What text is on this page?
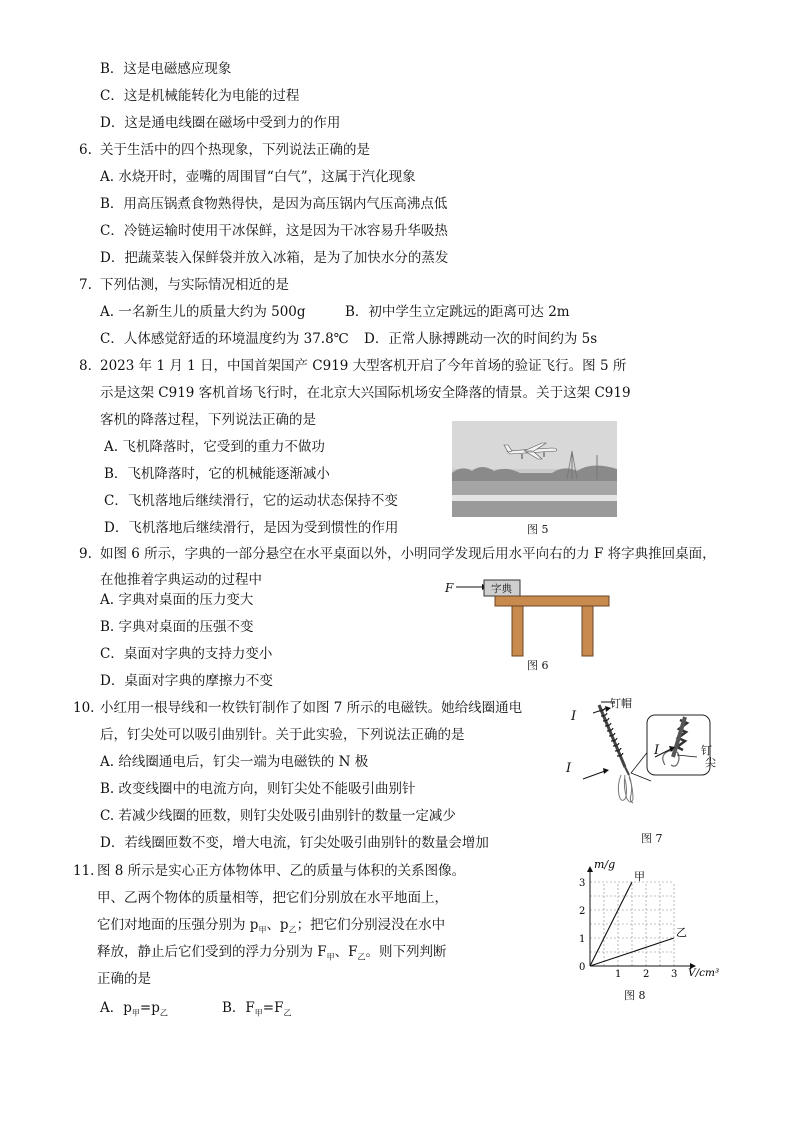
B．这是电磁感应现象
C．这是机械能转化为电能的过程
D．这是通电线圈在磁场中受到力的作用
6. 关于生活中的四个热现象，下列说法正确的是
A. 水烧开时，壶嘴的周围冒“白气”，这属于汽化现象
B．用高压锅煮食物熟得快，是因为高压锅内气压高沸点低
C．冷链运输时使用干冰保鲜，这是因为干冰容易升华吸热
D．把蔬菜装入保鲜袋并放入冰箱，是为了加快水分的蒸发
7. 下列估测，与实际情况相近的是
A. 一名新生儿的质量大约为 500g	B．初中学生立定跳远的距离可达 2m
C．人体感觉舒适的环境温度约为 37.8℃ D．正常人脉搏跳动一次的时间约为 5s
8．
2023 年 1 月 1 日，中国首架国产 C919 大型客机开启了今年首场的验证飞行。图 5 所
示是这架 C919 客机首场飞行时，在北京大兴国际机场安全降落的情景。关于这架 C919
客机的降落过程，下列说法正确的是
A. 飞机降落时，它受到的重力不做功
B．飞机降落时，它的机械能逐渐减小
C．飞机落地后继续滑行，它的运动状态保持不变
D．飞机落地后继续滑行，是因为受到惯性的作用	图 5
9. 如图 6 所示，字典的一部分悬空在水平桌面以外，小明同学发现后用水平向右的力 F 将字典推回桌面，
在他推着字典运动的过程中
A. 字典对桌面的压力变大
B. 字典对桌面的压强不变
C．桌面对字典的支持力变小
D．桌面对字典的摩擦力不变
F	字典
图 6
10. 小红用一根导线和一枚铁钉制作了如图 7 所示的电磁铁。她给线圈通电
后，钉尖处可以吸引曲别针。关于此实验，下列说法正确的是
A. 给线圈通电后，钉尖一端为电磁铁的 N 极
B. 改变线圈中的电流方向，则钉尖处不能吸引曲别针
C. 若减少线圈的匝数，则钉尖处吸引曲别针的数量一定减少
D．若线圈匝数不变，增大电流，钉尖处吸引曲别针的数量会增加
钉帽
钉
尖
I
I
I
图 7
11. 图 8 所示是实心正方体物体甲、乙的质量与体积的关系图像。
甲、乙两个物体的质量相等，把它们分别放在水平地面上，
它们对地面的压强分别为 $p_甲$、$p_乙$；把它们分别浸没在水中
释放，静止后它们受到的浮力分别为 $F_甲$、$F_乙$。则下列判断
正确的是
A．$p_甲=p_乙$	B．$F_甲=F_乙$
甲
乙
1 2 3
0
1
2
3
m/g
V/cm³
图 8
